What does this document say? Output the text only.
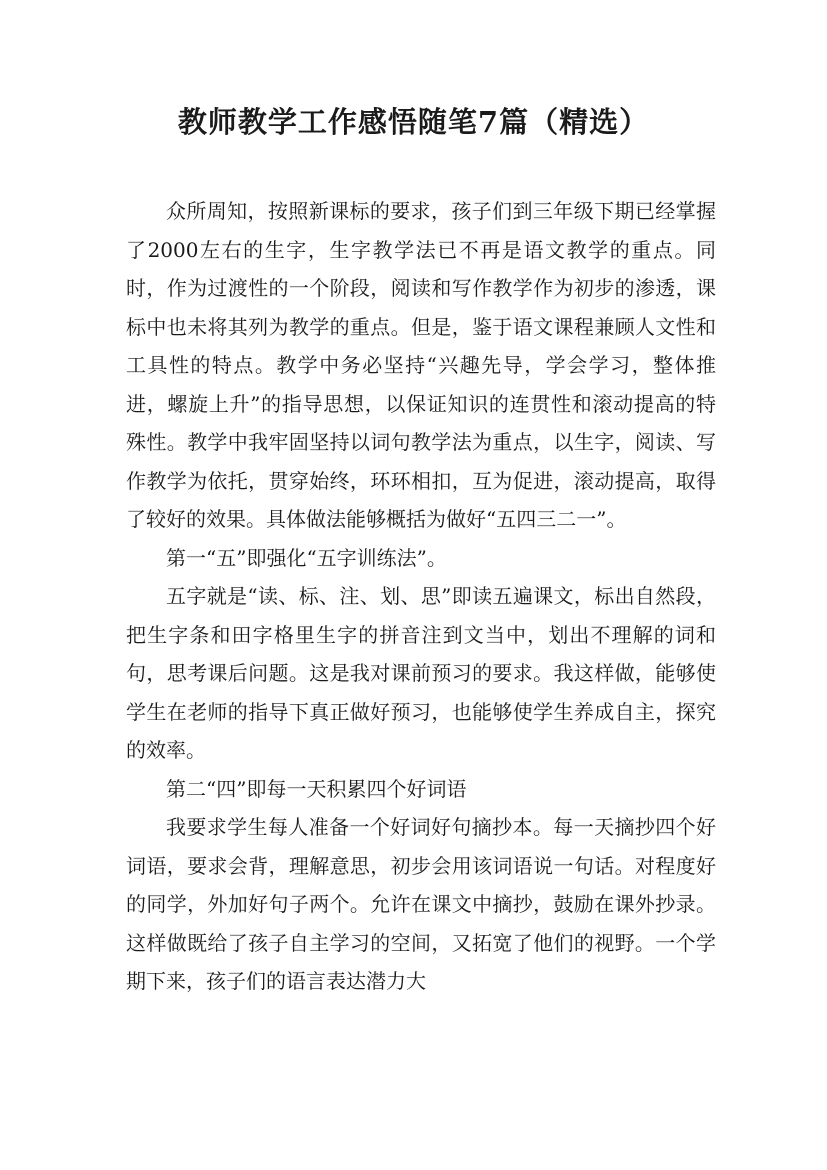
教师教学工作感悟随笔7篇（精选）

众所周知，按照新课标的要求，孩子们到三年级下期已经掌握了2000左右的生字，生字教学法已不再是语文教学的重点。同时，作为过渡性的一个阶段，阅读和写作教学作为初步的渗透，课标中也未将其列为教学的重点。但是，鉴于语文课程兼顾人文性和工具性的特点。教学中务必坚持“兴趣先导，学会学习，整体推进，螺旋上升”的指导思想，以保证知识的连贯性和滚动提高的特殊性。教学中我牢固坚持以词句教学法为重点，以生字，阅读、写作教学为依托，贯穿始终，环环相扣，互为促进，滚动提高，取得了较好的效果。具体做法能够概括为做好“五四三二一”。

第一“五”即强化“五字训练法”。

五字就是“读、标、注、划、思”即读五遍课文，标出自然段，把生字条和田字格里生字的拼音注到文当中，划出不理解的词和句，思考课后问题。这是我对课前预习的要求。我这样做，能够使学生在老师的指导下真正做好预习，也能够使学生养成自主，探究的效率。

第二“四”即每一天积累四个好词语

我要求学生每人准备一个好词好句摘抄本。每一天摘抄四个好词语，要求会背，理解意思，初步会用该词语说一句话。对程度好的同学，外加好句子两个。允许在课文中摘抄，鼓励在课外抄录。这样做既给了孩子自主学习的空间，又拓宽了他们的视野。一个学期下来，孩子们的语言表达潜力大
